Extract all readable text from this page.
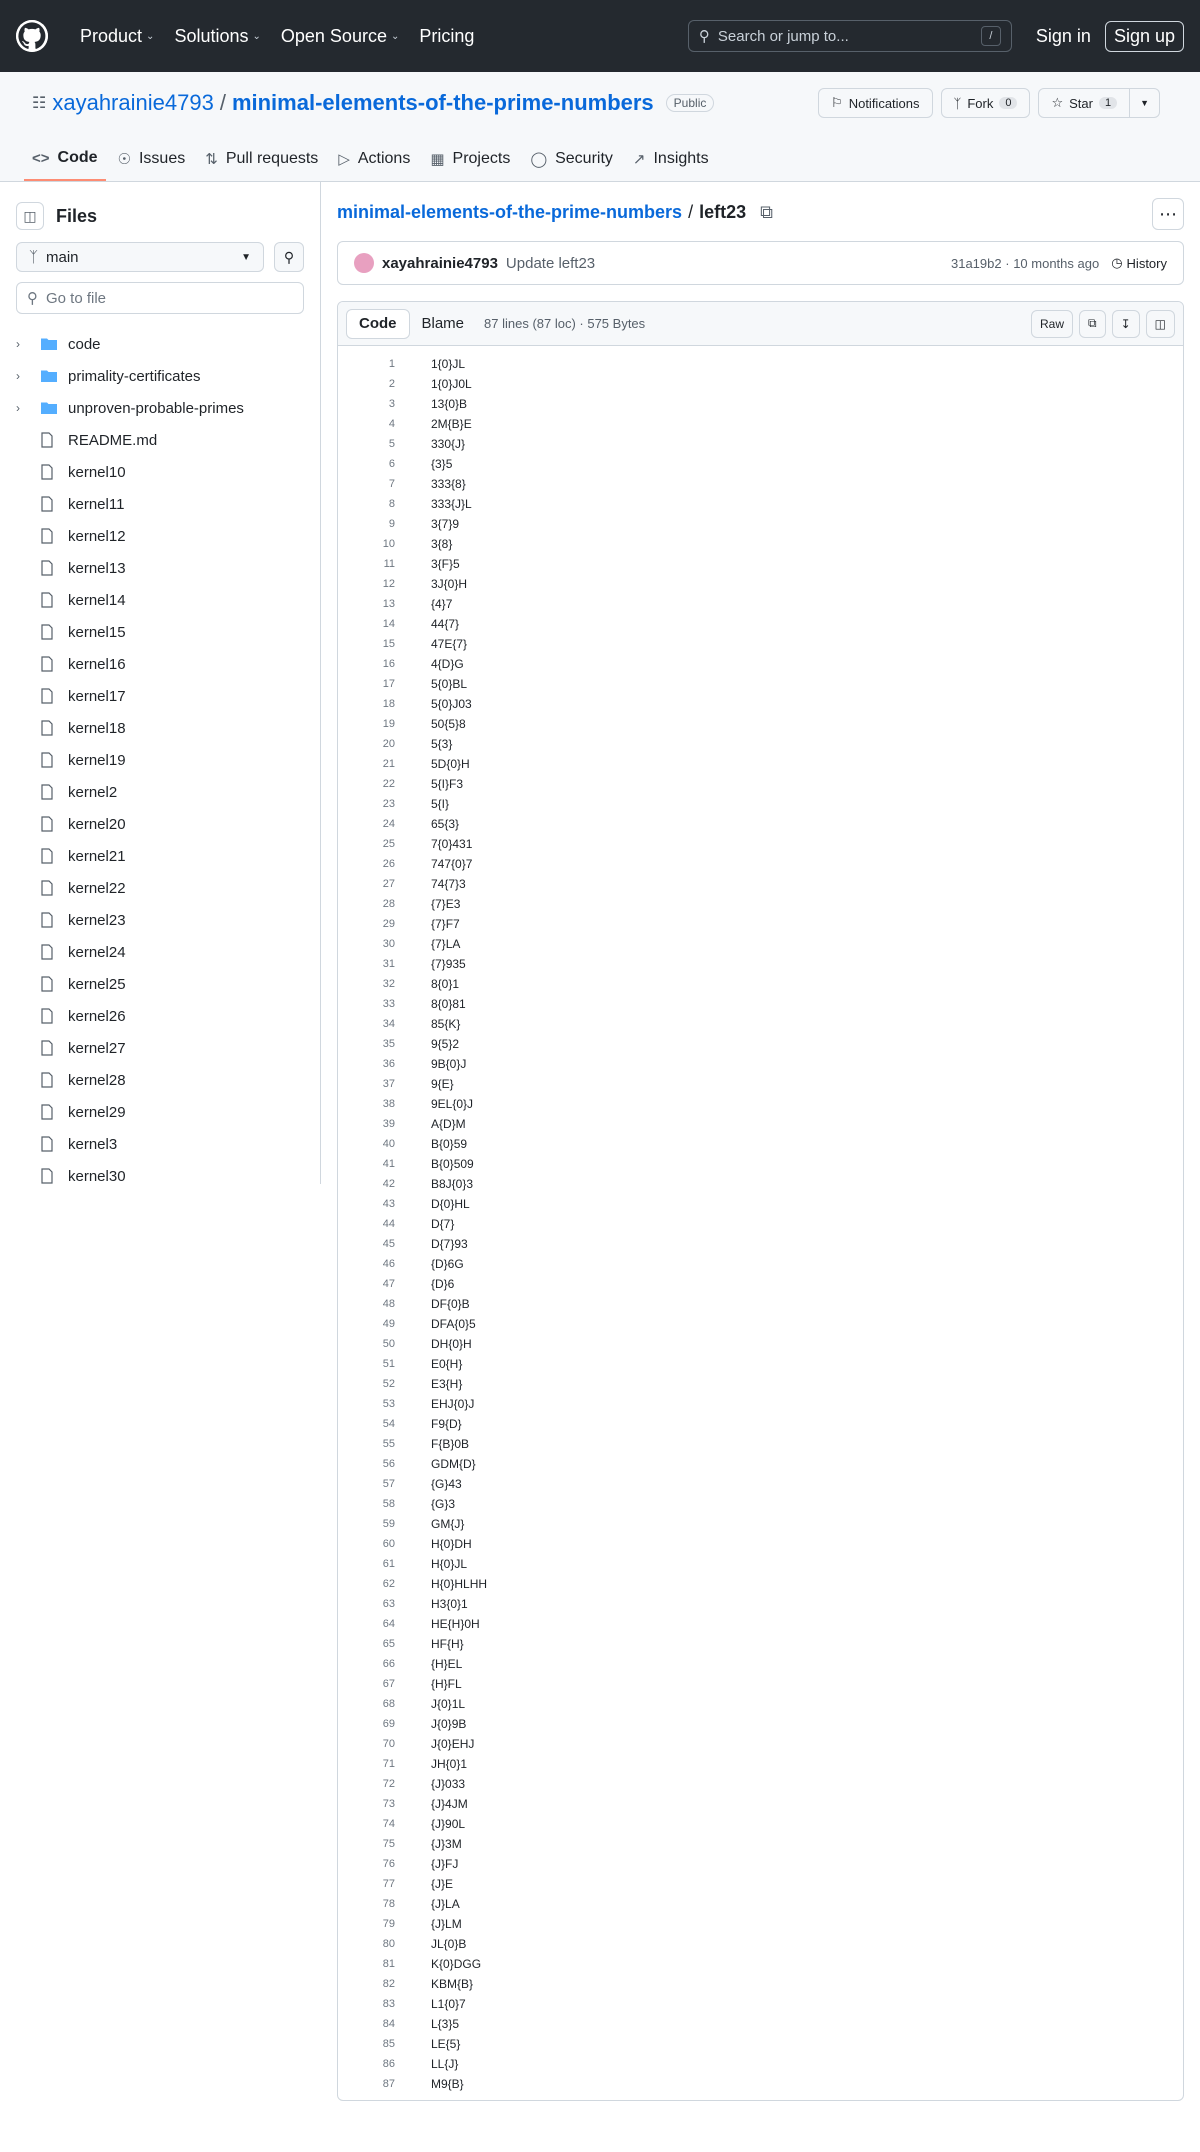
Product ⌄ Solutions ⌄ Open Source ⌄ Pricing	⚲ Search or jump to...	/	Sign in	Sign up
☷ xayahrainie4793 / minimal-elements-of-the-prime-numbers	Public	⚐ Notifications	ᛉ Fork	0	☆ Star	1	▼
<> Code ☉ Issues ⇅ Pull requests ▷ Actions ▦ Projects ◯ Security ↗ Insights
◫	Files
ᛉ main	▼	⚲
⚲ Go to file
›	code
›	primality-certificates
›	unproven-probable-primes
README.md
kernel10
kernel11
kernel12
kernel13
kernel14
kernel15
kernel16
kernel17
kernel18
kernel19
kernel2
kernel20
kernel21
kernel22
kernel23
kernel24
kernel25
kernel26
kernel27
kernel28
kernel29
kernel3
kernel30
minimal-elements-of-the-prime-numbers / left23 ⧉	⋯
xayahrainie4793 Update left23	31a19b2 · 10 months ago ◷ History
Code	Blame	87 lines (87 loc) · 575 Bytes	Raw	⧉	↧	◫
1	1{0}JL
2	1{0}J0L
3	13{0}B
4	2M{B}E
5	330{J}
6	{3}5
7	333{8}
8	333{J}L
9	3{7}9
10	3{8}
11	3{F}5
12	3J{0}H
13	{4}7
14	44{7}
15	47E{7}
16	4{D}G
17	5{0}BL
18	5{0}J03
19	50{5}8
20	5{3}
21	5D{0}H
22	5{I}F3
23	5{I}
24	65{3}
25	7{0}431
26	747{0}7
27	74{7}3
28	{7}E3
29	{7}F7
30	{7}LA
31	{7}935
32	8{0}1
33	8{0}81
34	85{K}
35	9{5}2
36	9B{0}J
37	9{E}
38	9EL{0}J
39	A{D}M
40	B{0}59
41	B{0}509
42	B8J{0}3
43	D{0}HL
44	D{7}
45	D{7}93
46	{D}6G
47	{D}6
48	DF{0}B
49	DFA{0}5
50	DH{0}H
51	E0{H}
52	E3{H}
53	EHJ{0}J
54	F9{D}
55	F{B}0B
56	GDM{D}
57	{G}43
58	{G}3
59	GM{J}
60	H{0}DH
61	H{0}JL
62	H{0}HLHH
63	H3{0}1
64	HE{H}0H
65	HF{H}
66	{H}EL
67	{H}FL
68	J{0}1L
69	J{0}9B
70	J{0}EHJ
71	JH{0}1
72	{J}033
73	{J}4JM
74	{J}90L
75	{J}3M
76	{J}FJ
77	{J}E
78	{J}LA
79	{J}LM
80	JL{0}B
81	K{0}DGG
82	KBM{B}
83	L1{0}7
84	L{3}5
85	LE{5}
86	LL{J}
87	M9{B}
